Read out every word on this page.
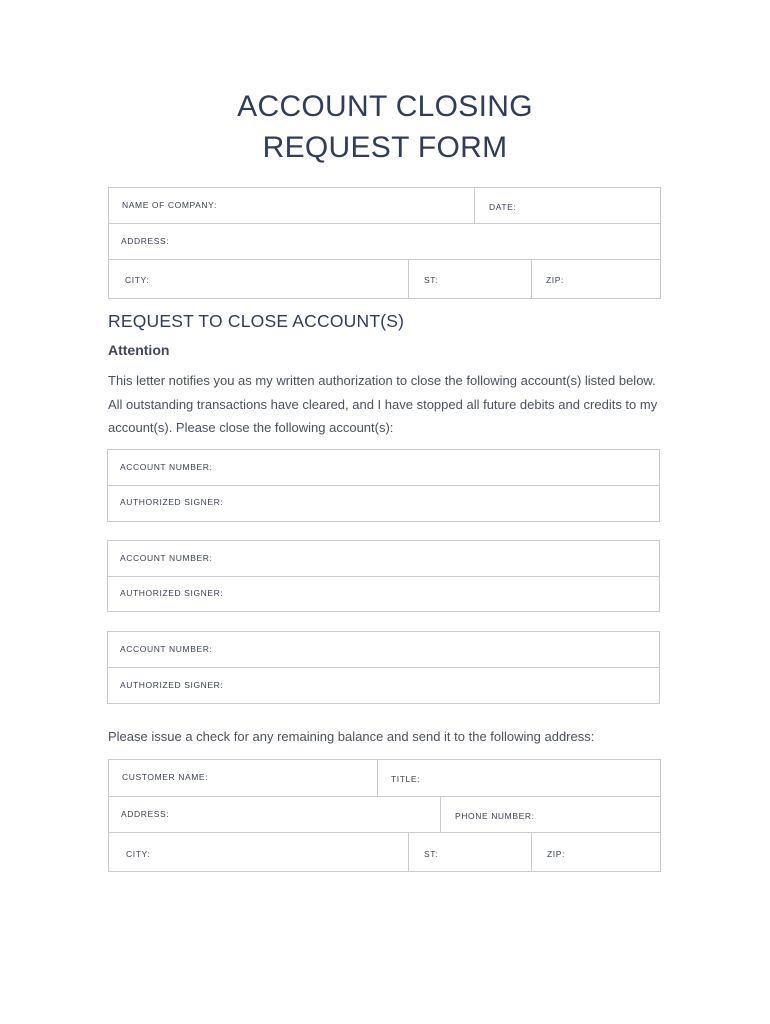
ACCOUNT CLOSING
REQUEST FORM
NAME OF COMPANY:	DATE:
ADDRESS:
CITY:	ST:	ZIP:
REQUEST TO CLOSE ACCOUNT(S)
Attention
This letter notifies you as my written authorization to close the following account(s) listed below. All outstanding transactions have cleared, and I have stopped all future debits and credits to my account(s). Please close the following account(s):
ACCOUNT NUMBER:
AUTHORIZED SIGNER:
ACCOUNT NUMBER:
AUTHORIZED SIGNER:
ACCOUNT NUMBER:
AUTHORIZED SIGNER:
Please issue a check for any remaining balance and send it to the following address:
CUSTOMER NAME:	TITLE:
ADDRESS:	PHONE NUMBER:
CITY:	ST:	ZIP:
